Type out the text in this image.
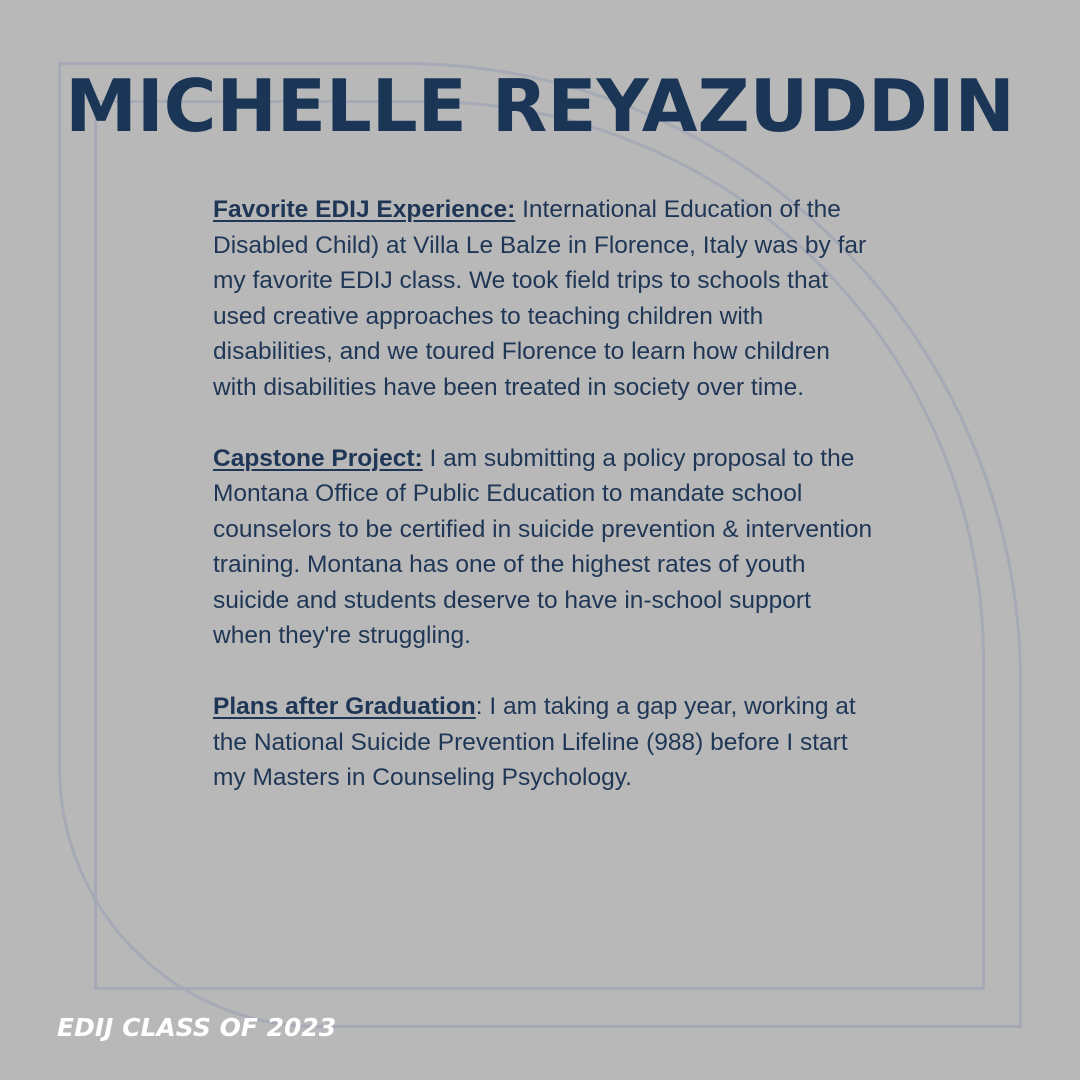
MICHELLE REYAZUDDIN

Favorite EDIJ Experience: International Education of the Disabled Child) at Villa Le Balze in Florence, Italy was by far my favorite EDIJ class. We took field trips to schools that used creative approaches to teaching children with disabilities, and we toured Florence to learn how children with disabilities have been treated in society over time.

Capstone Project: I am submitting a policy proposal to the Montana Office of Public Education to mandate school counselors to be certified in suicide prevention & intervention training. Montana has one of the highest rates of youth suicide and students deserve to have in-school support when they're struggling.

Plans after Graduation: I am taking a gap year, working at the National Suicide Prevention Lifeline (988) before I start my Masters in Counseling Psychology.

EDIJ CLASS OF 2023
